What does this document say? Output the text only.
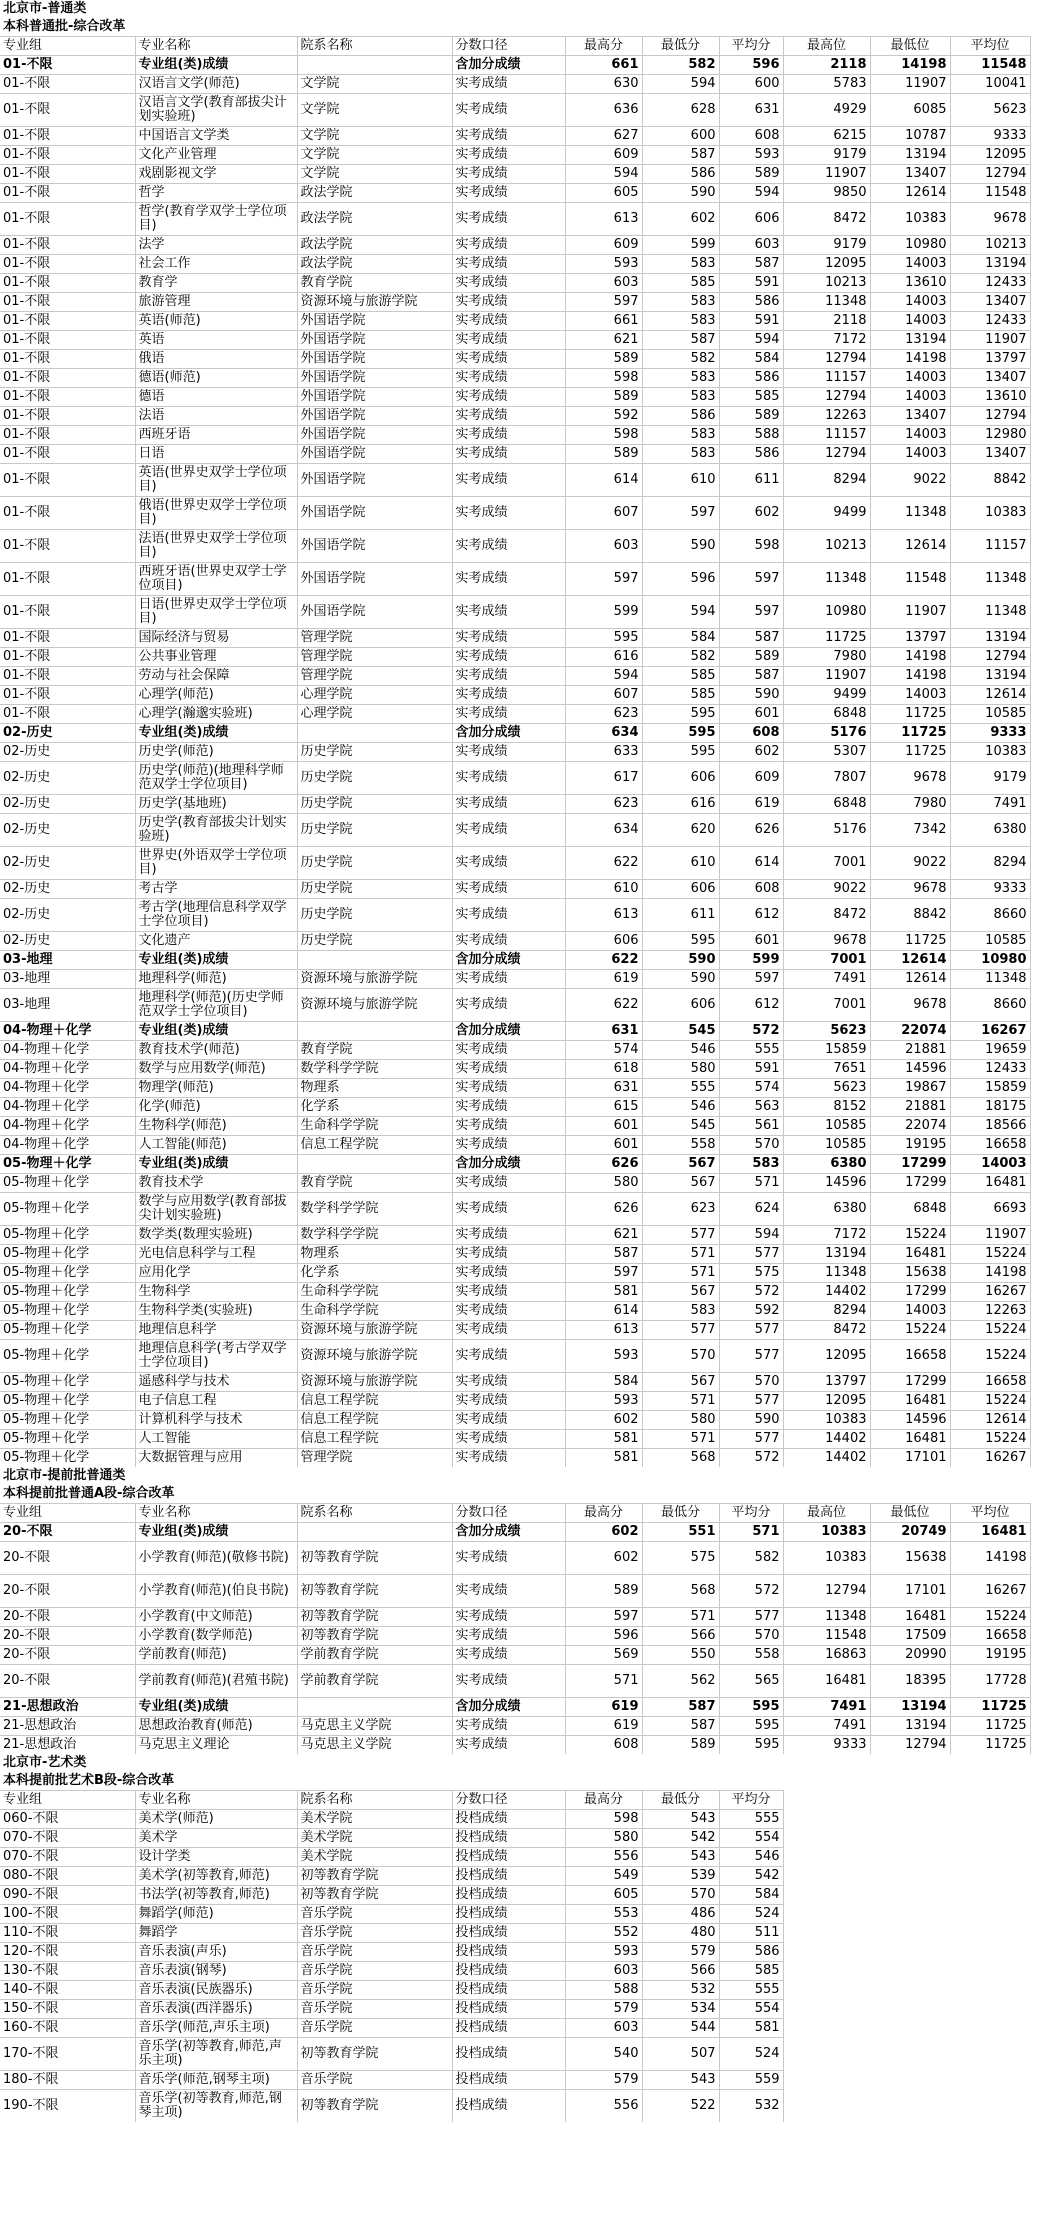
北京市-普通类									
本科普通批-综合改革									
专业组	专业名称	院系名称	分数口径	最高分	最低分	平均分	最高位	最低位	平均位
01-不限	专业组(类)成绩		含加分成绩	661	582	596	2118	14198	11548
01-不限	汉语言文学(师范)	文学院	实考成绩	630	594	600	5783	11907	10041
01-不限	汉语言文学(教育部拔尖计划实验班)	文学院	实考成绩	636	628	631	4929	6085	5623
01-不限	中国语言文学类	文学院	实考成绩	627	600	608	6215	10787	9333
01-不限	文化产业管理	文学院	实考成绩	609	587	593	9179	13194	12095
01-不限	戏剧影视文学	文学院	实考成绩	594	586	589	11907	13407	12794
01-不限	哲学	政法学院	实考成绩	605	590	594	9850	12614	11548
01-不限	哲学(教育学双学士学位项目)	政法学院	实考成绩	613	602	606	8472	10383	9678
01-不限	法学	政法学院	实考成绩	609	599	603	9179	10980	10213
01-不限	社会工作	政法学院	实考成绩	593	583	587	12095	14003	13194
01-不限	教育学	教育学院	实考成绩	603	585	591	10213	13610	12433
01-不限	旅游管理	资源环境与旅游学院	实考成绩	597	583	586	11348	14003	13407
01-不限	英语(师范)	外国语学院	实考成绩	661	583	591	2118	14003	12433
01-不限	英语	外国语学院	实考成绩	621	587	594	7172	13194	11907
01-不限	俄语	外国语学院	实考成绩	589	582	584	12794	14198	13797
01-不限	德语(师范)	外国语学院	实考成绩	598	583	586	11157	14003	13407
01-不限	德语	外国语学院	实考成绩	589	583	585	12794	14003	13610
01-不限	法语	外国语学院	实考成绩	592	586	589	12263	13407	12794
01-不限	西班牙语	外国语学院	实考成绩	598	583	588	11157	14003	12980
01-不限	日语	外国语学院	实考成绩	589	583	586	12794	14003	13407
01-不限	英语(世界史双学士学位项目)	外国语学院	实考成绩	614	610	611	8294	9022	8842
01-不限	俄语(世界史双学士学位项目)	外国语学院	实考成绩	607	597	602	9499	11348	10383
01-不限	法语(世界史双学士学位项目)	外国语学院	实考成绩	603	590	598	10213	12614	11157
01-不限	西班牙语(世界史双学士学位项目)	外国语学院	实考成绩	597	596	597	11348	11548	11348
01-不限	日语(世界史双学士学位项目)	外国语学院	实考成绩	599	594	597	10980	11907	11348
01-不限	国际经济与贸易	管理学院	实考成绩	595	584	587	11725	13797	13194
01-不限	公共事业管理	管理学院	实考成绩	616	582	589	7980	14198	12794
01-不限	劳动与社会保障	管理学院	实考成绩	594	585	587	11907	14198	13194
01-不限	心理学(师范)	心理学院	实考成绩	607	585	590	9499	14003	12614
01-不限	心理学(瀚邈实验班)	心理学院	实考成绩	623	595	601	6848	11725	10585
02-历史	专业组(类)成绩		含加分成绩	634	595	608	5176	11725	9333
02-历史	历史学(师范)	历史学院	实考成绩	633	595	602	5307	11725	10383
02-历史	历史学(师范)(地理科学师范双学士学位项目)	历史学院	实考成绩	617	606	609	7807	9678	9179
02-历史	历史学(基地班)	历史学院	实考成绩	623	616	619	6848	7980	7491
02-历史	历史学(教育部拔尖计划实验班)	历史学院	实考成绩	634	620	626	5176	7342	6380
02-历史	世界史(外语双学士学位项目)	历史学院	实考成绩	622	610	614	7001	9022	8294
02-历史	考古学	历史学院	实考成绩	610	606	608	9022	9678	9333
02-历史	考古学(地理信息科学双学士学位项目)	历史学院	实考成绩	613	611	612	8472	8842	8660
02-历史	文化遗产	历史学院	实考成绩	606	595	601	9678	11725	10585
03-地理	专业组(类)成绩		含加分成绩	622	590	599	7001	12614	10980
03-地理	地理科学(师范)	资源环境与旅游学院	实考成绩	619	590	597	7491	12614	11348
03-地理	地理科学(师范)(历史学师范双学士学位项目)	资源环境与旅游学院	实考成绩	622	606	612	7001	9678	8660
04-物理＋化学	专业组(类)成绩		含加分成绩	631	545	572	5623	22074	16267
04-物理＋化学	教育技术学(师范)	教育学院	实考成绩	574	546	555	15859	21881	19659
04-物理＋化学	数学与应用数学(师范)	数学科学学院	实考成绩	618	580	591	7651	14596	12433
04-物理＋化学	物理学(师范)	物理系	实考成绩	631	555	574	5623	19867	15859
04-物理＋化学	化学(师范)	化学系	实考成绩	615	546	563	8152	21881	18175
04-物理＋化学	生物科学(师范)	生命科学学院	实考成绩	601	545	561	10585	22074	18566
04-物理＋化学	人工智能(师范)	信息工程学院	实考成绩	601	558	570	10585	19195	16658
05-物理＋化学	专业组(类)成绩		含加分成绩	626	567	583	6380	17299	14003
05-物理＋化学	教育技术学	教育学院	实考成绩	580	567	571	14596	17299	16481
05-物理＋化学	数学与应用数学(教育部拔尖计划实验班)	数学科学学院	实考成绩	626	623	624	6380	6848	6693
05-物理＋化学	数学类(数理实验班)	数学科学学院	实考成绩	621	577	594	7172	15224	11907
05-物理＋化学	光电信息科学与工程	物理系	实考成绩	587	571	577	13194	16481	15224
05-物理＋化学	应用化学	化学系	实考成绩	597	571	575	11348	15638	14198
05-物理＋化学	生物科学	生命科学学院	实考成绩	581	567	572	14402	17299	16267
05-物理＋化学	生物科学类(实验班)	生命科学学院	实考成绩	614	583	592	8294	14003	12263
05-物理＋化学	地理信息科学	资源环境与旅游学院	实考成绩	613	577	577	8472	15224	15224
05-物理＋化学	地理信息科学(考古学双学士学位项目)	资源环境与旅游学院	实考成绩	593	570	577	12095	16658	15224
05-物理＋化学	遥感科学与技术	资源环境与旅游学院	实考成绩	584	567	570	13797	17299	16658
05-物理＋化学	电子信息工程	信息工程学院	实考成绩	593	571	577	12095	16481	15224
05-物理＋化学	计算机科学与技术	信息工程学院	实考成绩	602	580	590	10383	14596	12614
05-物理＋化学	人工智能	信息工程学院	实考成绩	581	571	577	14402	16481	15224
05-物理＋化学	大数据管理与应用	管理学院	实考成绩	581	568	572	14402	17101	16267
北京市-提前批普通类									
本科提前批普通A段-综合改革									
专业组	专业名称	院系名称	分数口径	最高分	最低分	平均分	最高位	最低位	平均位
20-不限	专业组(类)成绩		含加分成绩	602	551	571	10383	20749	16481
20-不限	小学教育(师范)(敬修书院)	初等教育学院	实考成绩	602	575	582	10383	15638	14198
20-不限	小学教育(师范)(伯良书院)	初等教育学院	实考成绩	589	568	572	12794	17101	16267
20-不限	小学教育(中文师范)	初等教育学院	实考成绩	597	571	577	11348	16481	15224
20-不限	小学教育(数学师范)	初等教育学院	实考成绩	596	566	570	11548	17509	16658
20-不限	学前教育(师范)	学前教育学院	实考成绩	569	550	558	16863	20990	19195
20-不限	学前教育(师范)(君殖书院)	学前教育学院	实考成绩	571	562	565	16481	18395	17728
21-思想政治	专业组(类)成绩		含加分成绩	619	587	595	7491	13194	11725
21-思想政治	思想政治教育(师范)	马克思主义学院	实考成绩	619	587	595	7491	13194	11725
21-思想政治	马克思主义理论	马克思主义学院	实考成绩	608	589	595	9333	12794	11725
北京市-艺术类						
本科提前批艺术B段-综合改革						
专业组	专业名称	院系名称	分数口径	最高分	最低分	平均分
060-不限	美术学(师范)	美术学院	投档成绩	598	543	555
070-不限	美术学	美术学院	投档成绩	580	542	554
070-不限	设计学类	美术学院	投档成绩	556	543	546
080-不限	美术学(初等教育,师范)	初等教育学院	投档成绩	549	539	542
090-不限	书法学(初等教育,师范)	初等教育学院	投档成绩	605	570	584
100-不限	舞蹈学(师范)	音乐学院	投档成绩	553	486	524
110-不限	舞蹈学	音乐学院	投档成绩	552	480	511
120-不限	音乐表演(声乐)	音乐学院	投档成绩	593	579	586
130-不限	音乐表演(钢琴)	音乐学院	投档成绩	603	566	585
140-不限	音乐表演(民族器乐)	音乐学院	投档成绩	588	532	555
150-不限	音乐表演(西洋器乐)	音乐学院	投档成绩	579	534	554
160-不限	音乐学(师范,声乐主项)	音乐学院	投档成绩	603	544	581
170-不限	音乐学(初等教育,师范,声乐主项)	初等教育学院	投档成绩	540	507	524
180-不限	音乐学(师范,钢琴主项)	音乐学院	投档成绩	579	543	559
190-不限	音乐学(初等教育,师范,钢琴主项)	初等教育学院	投档成绩	556	522	532
